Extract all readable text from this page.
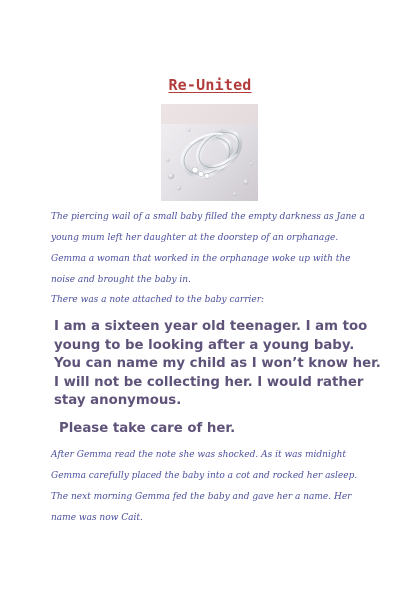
Re-United
The piercing wail of a small baby filled the empty darkness as Jane a young mum left her daughter at the doorstep of an orphanage. Gemma a woman that worked in the orphanage woke up with the noise and brought the baby in.
There was a note attached to the baby carrier:

I am a sixteen year old teenager. I am too young to be looking after a young baby. You can name my child as I won’t know her. I will not be collecting her. I would rather stay anonymous.

Please take care of her.

After Gemma read the note she was shocked. As it was midnight Gemma carefully placed the baby into a cot and rocked her asleep. The next morning Gemma fed the baby and gave her a name. Her name was now Cait.
